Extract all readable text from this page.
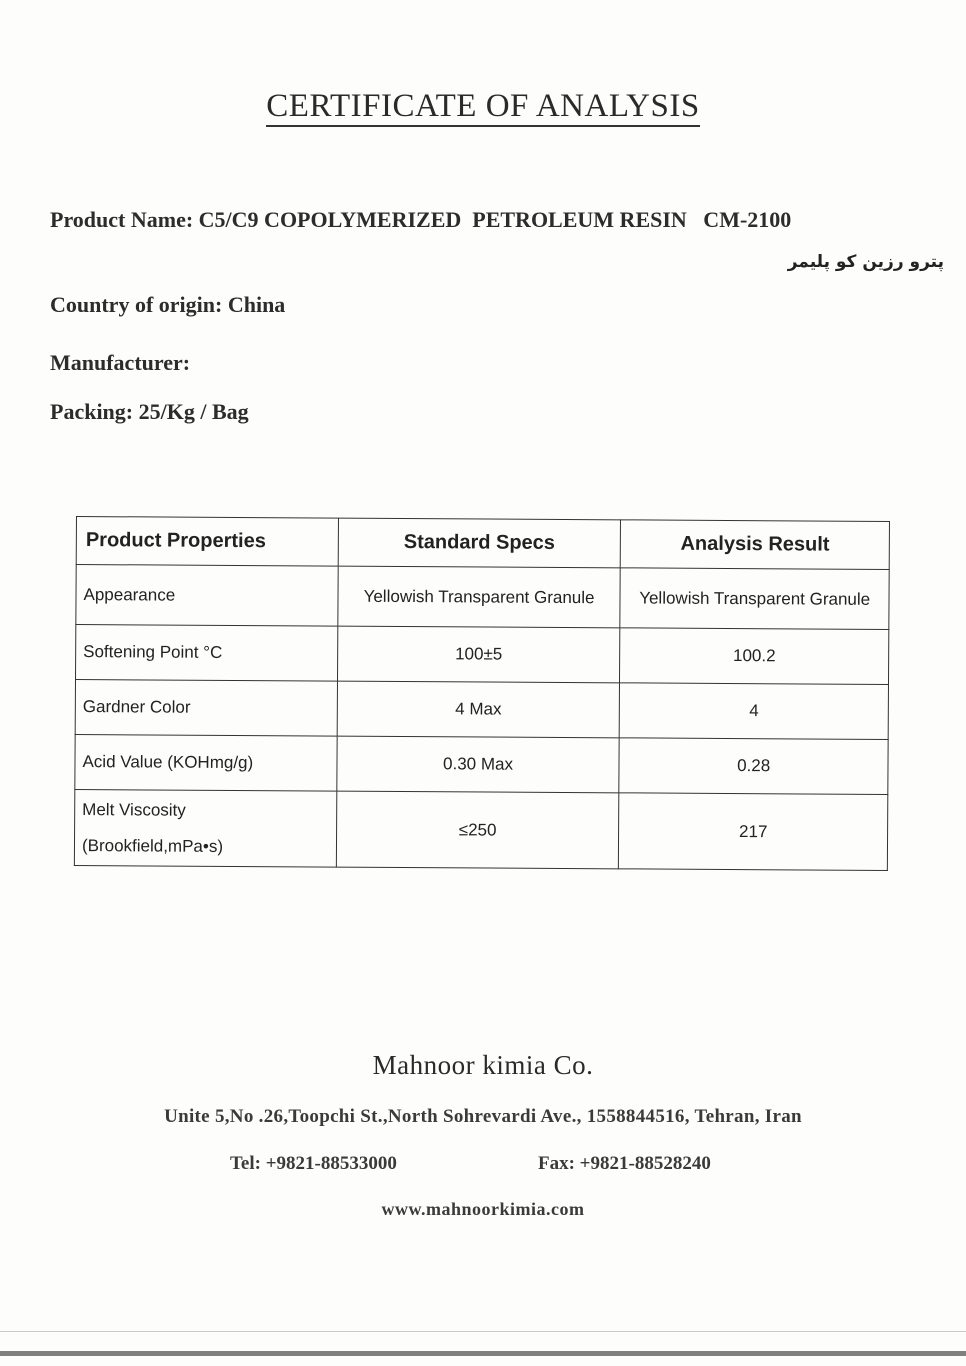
CERTIFICATE OF ANALYSIS
Product Name: C5/C9 COPOLYMERIZED  PETROLEUM RESIN   CM-2100
پترو رزین کو پلیمر
Country of origin: China
Manufacturer:
Packing: 25/Kg / Bag
Product Properties	Standard Specs	Analysis Result
Appearance	Yellowish Transparent Granule	Yellowish Transparent Granule
Softening Point °C	100±5	100.2
Gardner Color	4 Max	4
Acid Value (KOHmg/g)	0.30 Max	0.28

Melt Viscosity
(Brookfield,mPa•s)	≤250	217
Mahnoor kimia Co.
Unite 5,No .26,Toopchi St.,North Sohrevardi Ave., 1558844516, Tehran, Iran
Tel: +9821-88533000	Fax: +9821-88528240
www.mahnoorkimia.com
